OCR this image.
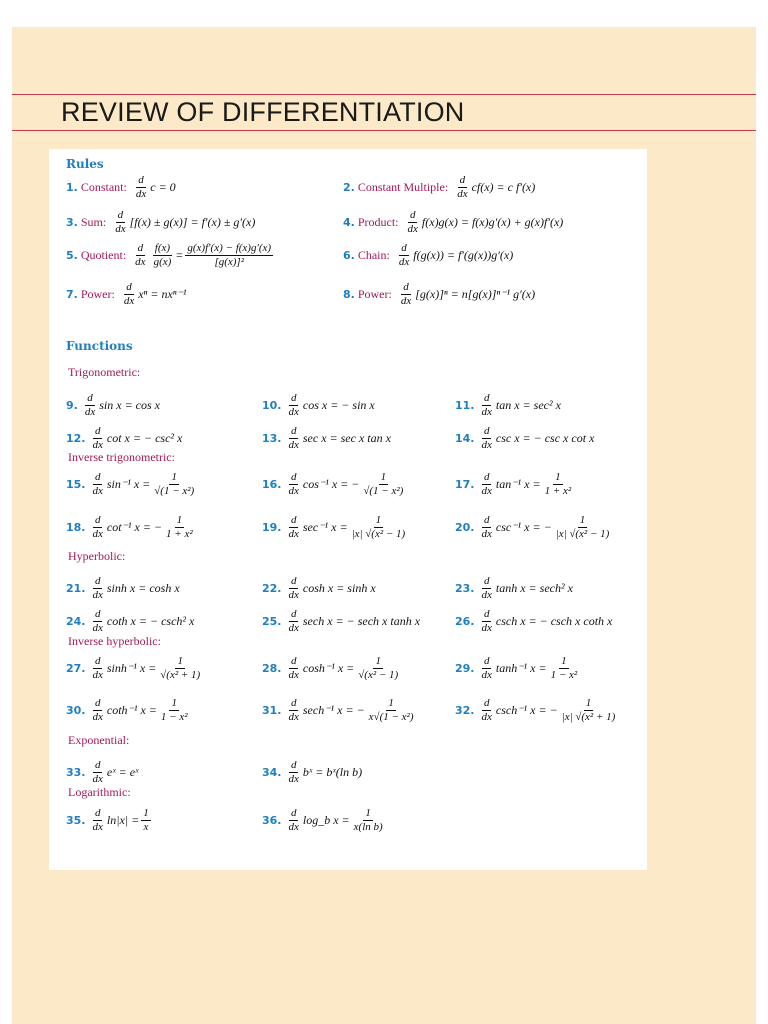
REVIEW OF DIFFERENTIATION
Rules
1. Constant: $\frac{d}{dx}$ c = 0	2. Constant Multiple: $\frac{d}{dx} cf(x) = c$ f′(x)
3. Sum: $\frac{d}{dx} [f(x) \pm g(x)] = f'(x) \pm g'(x)$	4. Product: $\frac{d}{dx} f(x)g(x) = f(x)g'(x) + g(x)f'(x)$
5. Quotient: $\frac{d}{dx} \frac{f(x)}{g(x)} = \frac{g(x)f'(x) - f(x)g'(x)}{\text{[g(x)]²}}$	6. Chain: $\frac{d}{dx} f(g(x)) = f'(g(x))g'(x)$
7. Power: $\frac{d}{dx}$ xⁿ = nxⁿ⁻¹	8. Power: $\frac{d}{dx} [g(x)]^n = n[g(x)]^{n-1}$ g′(x)
Functions
Trigonometric:
Inverse trigonometric:
Hyperbolic:
Inverse hyperbolic:
Exponential:
Logarithmic:
9. $\frac{d}{dx}$ sin x = cos x	10. $\frac{d}{dx}$ cos x = − sin x	11. $\frac{d}{dx}$ tan x = sec² x
12. $\frac{d}{dx}$ cot x = − csc² x	13. $\frac{d}{dx}$ sec x = sec x tan x	14. $\frac{d}{dx}$ csc x = − csc x cot x
15. $\frac{d}{dx} \sin^{-1}$ $x = \frac{1}{\text{√(1 − x²)}}$	16. $\frac{d}{dx} \cos^{-1}$ x = − $\frac{1}{\text{√(1 − x²)}}$	17. $\frac{d}{dx} \tan^{-1}$ $x = \frac{1}{\text{1 + x²}}$
18. $\frac{d}{dx} \cot^{-1}$ x = − $\frac{1}{\text{1 + x²}}$	19. $\frac{d}{dx} \sec^{-1}$ $x = \frac{1}{\text{|x| √(x² − 1)}}$	20. $\frac{d}{dx} \csc^{-1}$ x = − $\frac{1}{\text{|x| √(x² − 1)}}$
21. $\frac{d}{dx}$ sinh x = cosh x	22. $\frac{d}{dx}$ cosh x = sinh x	23. $\frac{d}{dx}$ tanh x = sech² x
24. $\frac{d}{dx}$ coth x = − csch² x	25. $\frac{d}{dx}$ sech x = − sech x tanh x	26. $\frac{d}{dx}$ csch x = − csch x coth x
27. $\frac{d}{dx} \sinh^{-1}$ $x = \frac{1}{\text{√(x² + 1)}}$	28. $\frac{d}{dx} \cosh^{-1}$ $x = \frac{1}{\text{√(x² − 1)}}$	29. $\frac{d}{dx} \tanh^{-1}$ $x = \frac{1}{\text{1 − x²}}$
30. $\frac{d}{dx} \cot h^{-1}$ $x = \frac{1}{\text{1 − x²}}$	31. $\frac{d}{dx} \sec h^{-1}$ x = − $\frac{1}{\text{x√(1 − x²)}}$	32. $\frac{d}{dx} \csc h^{-1}$ x = − $\frac{1}{\text{|x| √(x² + 1)}}$
33. $\frac{d}{dx}$ eˣ = eˣ	34. $\frac{d}{dx}$ bˣ = bˣ(ln b)
35. $\frac{d}{dx} \ln|x| = \frac{1}{x}$	36. $\frac{d}{dx}$ log_b $x = \frac{1}{\text{x(ln b)}}$
